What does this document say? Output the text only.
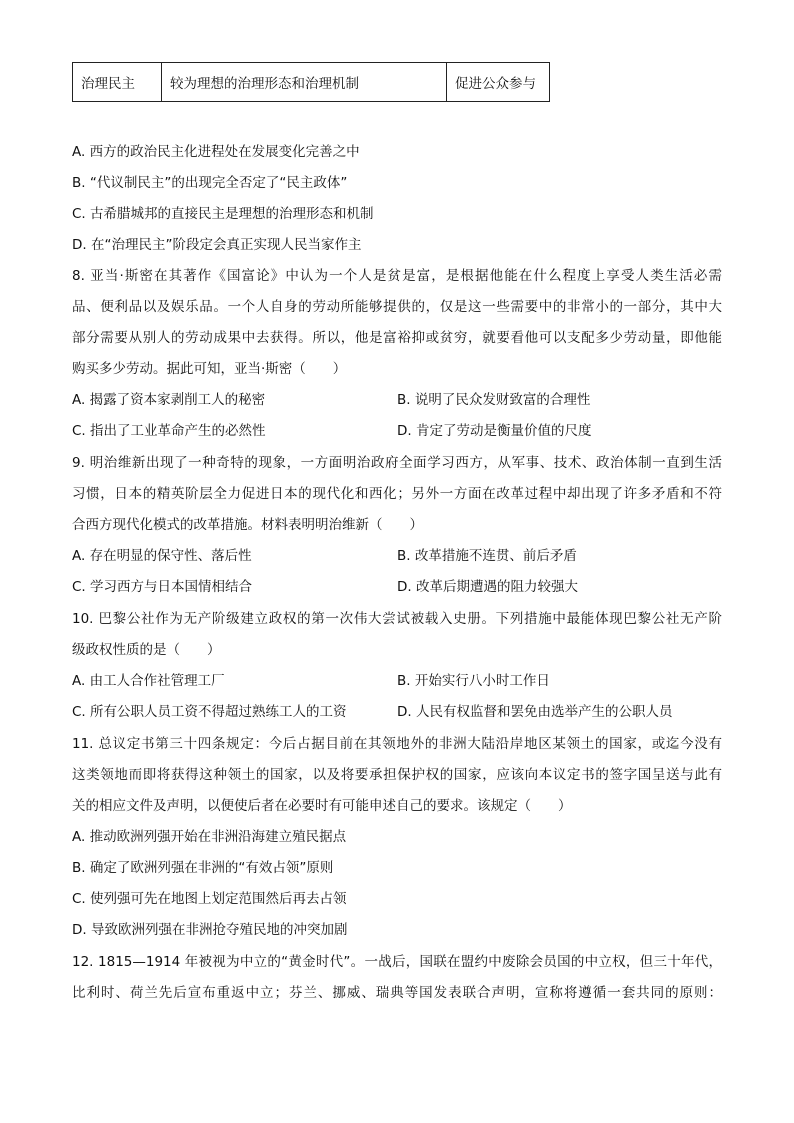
治理民主	较为理想的治理形态和治理机制	促进公众参与
A. 西方的政治民主化进程处在发展变化完善之中
B. “代议制民主”的出现完全否定了“民主政体”
C. 古希腊城邦的直接民主是理想的治理形态和机制
D. 在“治理民主”阶段定会真正实现人民当家作主
8. 亚当·斯密在其著作《国富论》中认为一个人是贫是富，是根据他能在什么程度上享受人类生活必需
品、便利品以及娱乐品。一个人自身的劳动所能够提供的，仅是这一些需要中的非常小的一部分，其中大
部分需要从别人的劳动成果中去获得。所以，他是富裕抑或贫穷，就要看他可以支配多少劳动量，即他能
购买多少劳动。据此可知，亚当·斯密（　　）
A. 揭露了资本家剥削工人的秘密	B. 说明了民众发财致富的合理性
C. 指出了工业革命产生的必然性	D. 肯定了劳动是衡量价值的尺度
9. 明治维新出现了一种奇特的现象，一方面明治政府全面学习西方，从军事、技术、政治体制一直到生活
习惯，日本的精英阶层全力促进日本的现代化和西化；另外一方面在改革过程中却出现了许多矛盾和不符
合西方现代化模式的改革措施。材料表明明治维新（　　）
A. 存在明显的保守性、落后性	B. 改革措施不连贯、前后矛盾
C. 学习西方与日本国情相结合	D. 改革后期遭遇的阻力较强大
10. 巴黎公社作为无产阶级建立政权的第一次伟大尝试被载入史册。下列措施中最能体现巴黎公社无产阶
级政权性质的是（　　）
A. 由工人合作社管理工厂	B. 开始实行八小时工作日
C. 所有公职人员工资不得超过熟练工人的工资	D. 人民有权监督和罢免由选举产生的公职人员
11. 总议定书第三十四条规定：今后占据目前在其领地外的非洲大陆沿岸地区某领土的国家，或迄今没有
这类领地而即将获得这种领土的国家，以及将要承担保护权的国家，应该向本议定书的签字国呈送与此有
关的相应文件及声明，以便使后者在必要时有可能申述自己的要求。该规定（　　）
A. 推动欧洲列强开始在非洲沿海建立殖民据点
B. 确定了欧洲列强在非洲的“有效占领”原则
C. 使列强可先在地图上划定范围然后再去占领
D. 导致欧洲列强在非洲抢夺殖民地的冲突加剧
12. 1815—1914 年被视为中立的“黄金时代”。一战后，国联在盟约中废除会员国的中立权，但三十年代，
比利时、荷兰先后宣布重返中立；芬兰、挪威、瑞典等国发表联合声明，宣称将遵循一套共同的原则：
